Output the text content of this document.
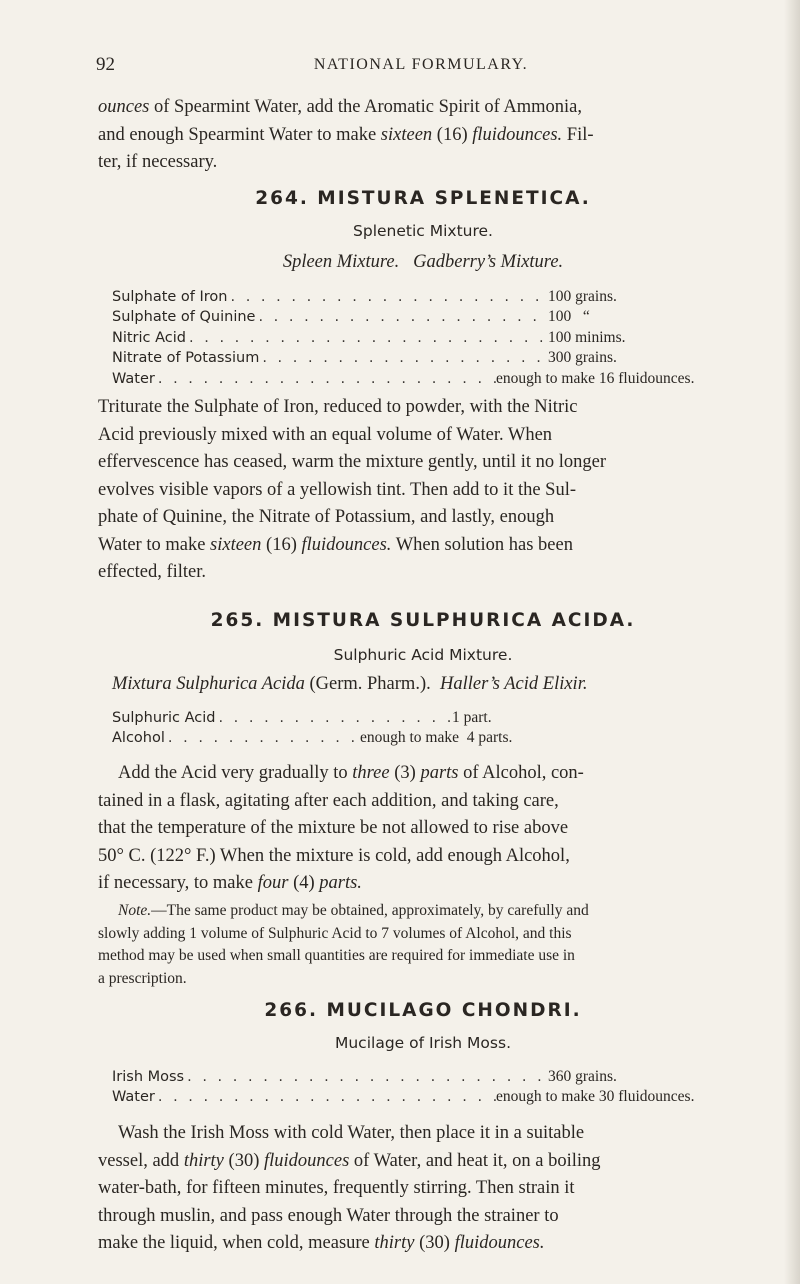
92	NATIONAL FORMULARY.
ounces of Spearmint Water, add the Aromatic Spirit of Ammonia,
and enough Spearmint Water to make sixteen (16) fluidounces. Fil-
ter, if necessary.
264. MISTURA SPLENETICA.
Splenetic Mixture.
Spleen Mixture.   Gadberry’s Mixture.
Sulphate of Iron . . .	100 grains.
Sulphate of Quinine . . .	100   “
Nitric Acid . . .	100 minims.
Nitrate of Potassium . . .	300 grains.
Water . . .	enough to make 16 fluidounces.
Triturate the Sulphate of Iron, reduced to powder, with the Nitric
Acid previously mixed with an equal volume of Water. When
effervescence has ceased, warm the mixture gently, until it no longer
evolves visible vapors of a yellowish tint. Then add to it the Sul-
phate of Quinine, the Nitrate of Potassium, and lastly, enough
Water to make sixteen (16) fluidounces. When solution has been
effected, filter.
265. MISTURA SULPHURICA ACIDA.
Sulphuric Acid Mixture.
Mixtura Sulphurica Acida (Germ. Pharm.).  Haller’s Acid Elixir.
Sulphuric Acid . . .	1 part.
Alcohol . . .	enough to make  4 parts.
Add the Acid very gradually to three (3) parts of Alcohol, con-
tained in a flask, agitating after each addition, and taking care,
that the temperature of the mixture be not allowed to rise above
50° C. (122° F.) When the mixture is cold, add enough Alcohol,
if necessary, to make four (4) parts.
Note.—The same product may be obtained, approximately, by carefully and
slowly adding 1 volume of Sulphuric Acid to 7 volumes of Alcohol, and this
method may be used when small quantities are required for immediate use in
a prescription.
266. MUCILAGO CHONDRI.
Mucilage of Irish Moss.
Irish Moss . . .	360 grains.
Water . . .	enough to make 30 fluidounces.
Wash the Irish Moss with cold Water, then place it in a suitable
vessel, add thirty (30) fluidounces of Water, and heat it, on a boiling
water-bath, for fifteen minutes, frequently stirring. Then strain it
through muslin, and pass enough Water through the strainer to
make the liquid, when cold, measure thirty (30) fluidounces.
